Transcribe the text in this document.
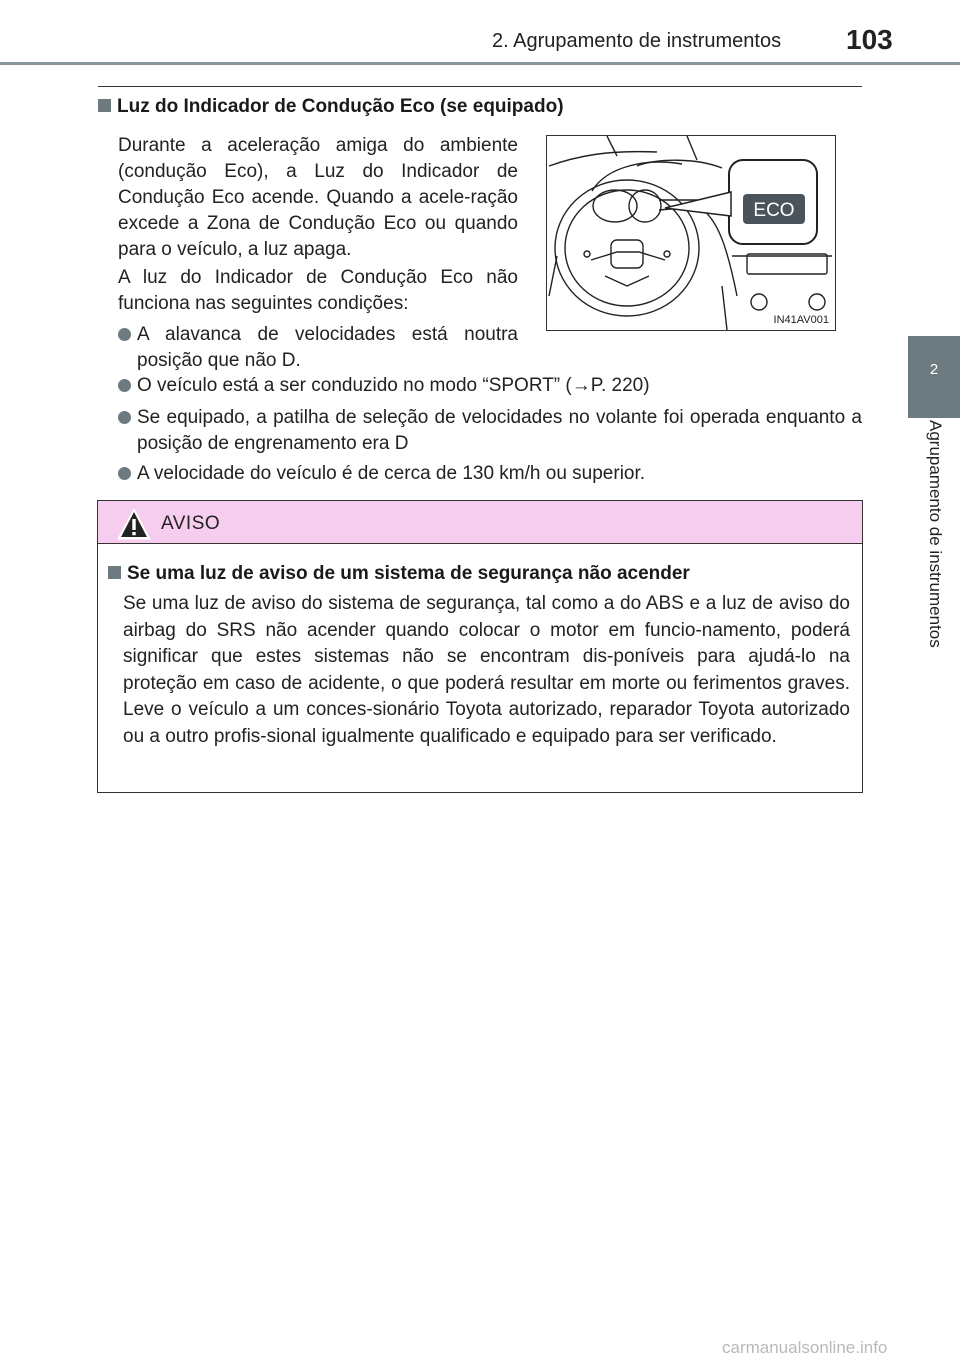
2. Agrupamento de instrumentos 103
2
Agrupamento de instrumentos
Luz do Indicador de Condução Eco (se equipado)
Durante a aceleração amiga do ambiente (condução Eco), a Luz do Indicador de Condução Eco acende. Quando a acele-ração excede a Zona de Condução Eco ou quando para o veículo, a luz apaga.
A luz do Indicador de Condução Eco não funciona nas seguintes condições:
A alavanca de velocidades está noutra posição que não D.
O veículo está a ser conduzido no modo “SPORT” (→P. 220)
Se equipado, a patilha de seleção de velocidades no volante foi operada enquanto a posição de engrenamento era D
A velocidade do veículo é de cerca de 130 km/h ou superior.
ECO
IN41AV001
AVISO
Se uma luz de aviso de um sistema de segurança não acender
Se uma luz de aviso do sistema de segurança, tal como a do ABS e a luz de aviso do airbag do SRS não acender quando colocar o motor em funcio-namento, poderá significar que estes sistemas não se encontram dis-poníveis para ajudá-lo na proteção em caso de acidente, o que poderá resultar em morte ou ferimentos graves. Leve o veículo a um conces-sionário Toyota autorizado, reparador Toyota autorizado ou a outro profis-sional igualmente qualificado e equipado para ser verificado.
carmanualsonline.info
